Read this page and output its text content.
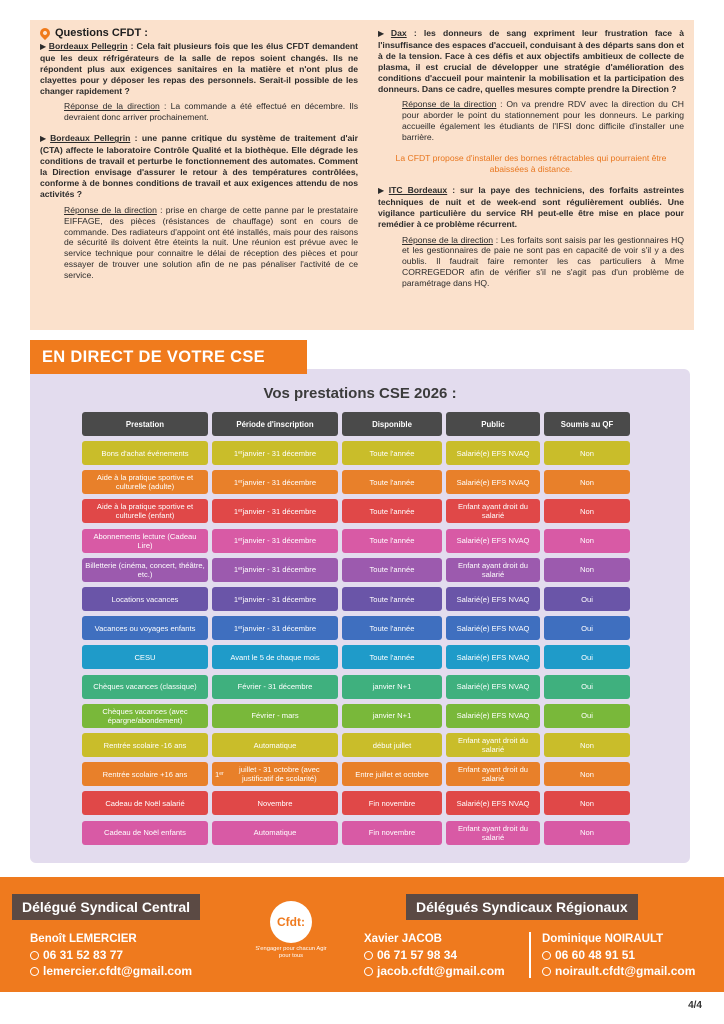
Questions CFDT :
▶ Bordeaux Pellegrin : Cela fait plusieurs fois que les élus CFDT demandent que les deux réfrigérateurs de la salle de repos soient changés. Ils ne répondent plus aux exigences sanitaires en la matière et n'ont plus de clayettes pour y déposer les repas des personnels. Serait-il possible de les changer rapidement ?
Réponse de la direction : La commande a été effectué en décembre. Ils devraient donc arriver prochainement.
▶ Bordeaux Pellegrin : une panne critique du système de traitement d'air (CTA) affecte le laboratoire Contrôle Qualité et la biothèque. Elle dégrade les conditions de travail et perturbe le fonctionnement des automates. Comment la Direction envisage d'assurer le retour à des températures contrôlées, conforme à de bonnes conditions de travail et aux exigences attendu de nos activités ?
Réponse de la direction : prise en charge de cette panne par le prestataire EIFFAGE, des pièces (résistances de chauffage) sont en cours de commande. Des radiateurs d'appoint ont été installés, mais pour des raisons de sécurité ils doivent être éteints la nuit. Une réunion est prévue avec le service technique pour connaitre le délai de réception des pièces et pour essayer de trouver une solution afin de ne pas pénaliser l'activité de ce service.
▶ Dax : les donneurs de sang expriment leur frustration face à l'insuffisance des espaces d'accueil, conduisant à des départs sans don et à de la tension. Face à ces défis et aux objectifs ambitieux de collecte de plasma, il est crucial de développer une stratégie d'amélioration des conditions d'accueil pour maintenir la mobilisation et la participation des donneurs. Dans ce cadre, quelles mesures compte prendre la Direction ?
Réponse de la direction : On va prendre RDV avec la direction du CH pour aborder le point du stationnement pour les donneurs. Le parking accueille également les étudiants de l'IFSI donc difficile d'installer une barrière.
La CFDT propose d'installer des bornes rétractables qui pourraient être abaissées à distance.
▶ ITC Bordeaux : sur la paye des techniciens, des forfaits astreintes techniques de nuit et de week-end sont régulièrement oubliés. Une vigilance particulière du service RH peut-elle être mise en place pour remédier à ce problème récurrent.
Réponse de la direction : Les forfaits sont saisis par les gestionnaires HQ et les gestionnaires de paie ne sont pas en capacité de voir s'il y a des oublis. Il faudrait faire remonter les cas particuliers à Mme CORREGEDOR afin de vérifier s'il ne s'agit pas d'un problème de paramétrage dans HQ.
EN DIRECT DE VOTRE CSE
Vos prestations CSE 2026 :
Prestation	Période d'inscription	Disponible	Public	Soumis au QF
Bons d'achat événements	1 er janvier - 31 décembre	Toute l'année	Salarié(e) EFS NVAQ	Non
Aide à la pratique sportive et culturelle (adulte)	1 er janvier - 31 décembre	Toute l'année	Salarié(e) EFS NVAQ	Non
Aide à la pratique sportive et culturelle (enfant)	1 er janvier - 31 décembre	Toute l'année	Enfant ayant droit du salarié	Non
Abonnements lecture (Cadeau Lire)	1 er janvier - 31 décembre	Toute l'année	Salarié(e) EFS NVAQ	Non
Billetterie (cinéma, concert, théâtre, etc.)	1 er janvier - 31 décembre	Toute l'année	Enfant ayant droit du salarié	Non
Locations vacances	1 er janvier - 31 décembre	Toute l'année	Salarié(e) EFS NVAQ	Oui
Vacances ou voyages enfants	1 er janvier - 31 décembre	Toute l'année	Salarié(e) EFS NVAQ	Oui
CESU	Avant le 5 de chaque mois	Toute l'année	Salarié(e) EFS NVAQ	Oui
Chèques vacances (classique)	Février - 31 décembre	janvier N+1	Salarié(e) EFS NVAQ	Oui
Chèques vacances (avec épargne/abondement)	Février - mars	janvier N+1	Salarié(e) EFS NVAQ	Oui
Rentrée scolaire -16 ans	Automatique	début juillet	Enfant ayant droit du salarié	Non
Rentrée scolaire +16 ans	1 er juillet - 31 octobre (avec justificatif de scolarité)	Entre juillet et octobre	Enfant ayant droit du salarié	Non
Cadeau de Noël salarié	Novembre	Fin novembre	Salarié(e) EFS NVAQ	Non
Cadeau de Noël enfants	Automatique	Fin novembre	Enfant ayant droit du salarié	Non
Délégué Syndical Central	Délégués Syndicaux Régionaux
Benoît LEMERCIER
06 31 52 83 77
lemercier.cfdt@gmail.com
Cfdt:
S'engager pour chacun Agir pour tous
Xavier JACOB
06 71 57 98 34
jacob.cfdt@gmail.com
Dominique NOIRAULT
06 60 48 91 51
noirault.cfdt@gmail.com
4/4
